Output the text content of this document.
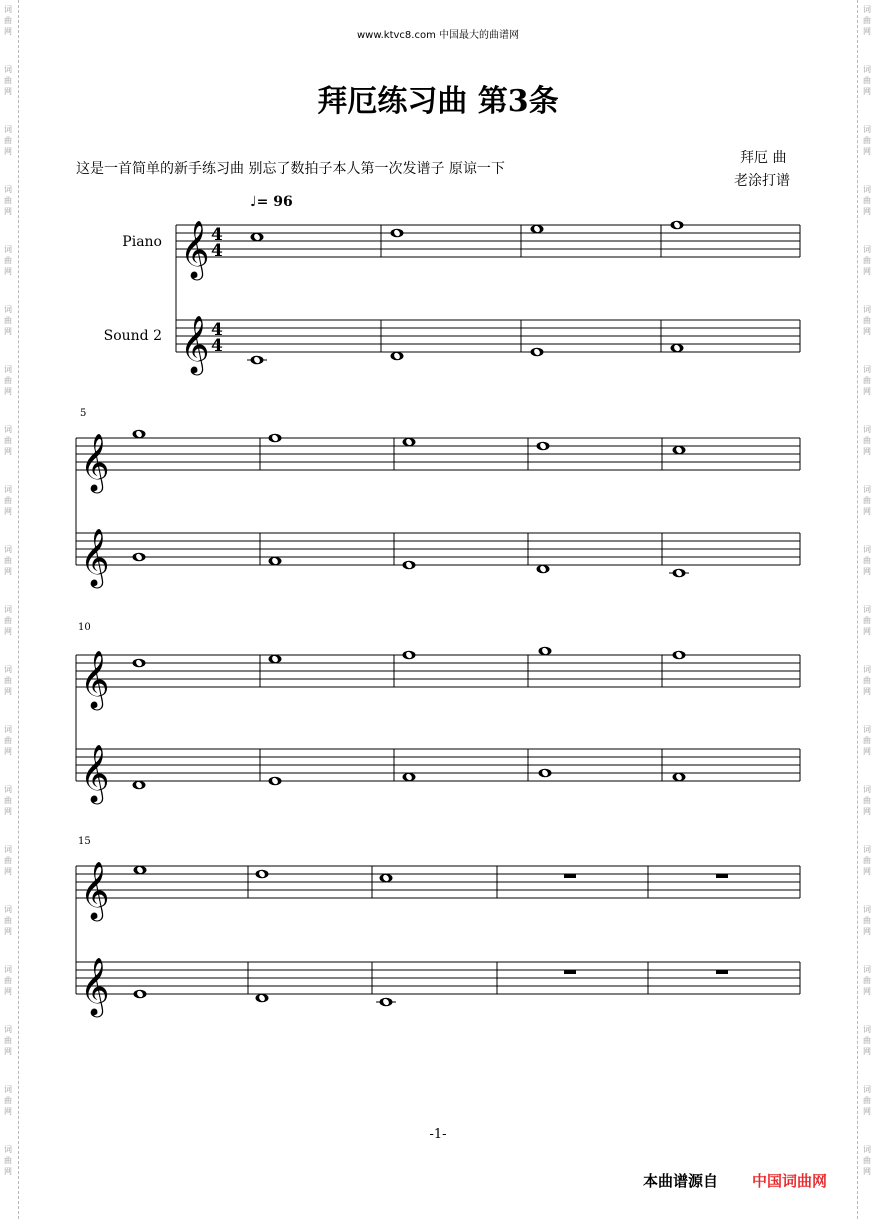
www.ktvc8.com 中国最大的曲谱网
拜厄练习曲 第3条
这是一首简单的新手练习曲 别忘了数拍子本人第一次发谱子 原谅一下
拜厄 曲
老涂打谱
♩= 96
Piano
Sound 2
5
10
15
𝄞
𝄞
4
4
4
4
𝄞
𝄞
𝄞
𝄞
𝄞
𝄞
-1-
本曲谱源自 中国词曲网
词
曲
网
词
曲
网
词
曲
网
词
曲
网
词
曲
网
词
曲
网
词
曲
网
词
曲
网
词
曲
网
词
曲
网
词
曲
网
词
曲
网
词
曲
网
词
曲
网
词
曲
网
词
曲
网
词
曲
网
词
曲
网
词
曲
网
词
曲
网
词
曲
网
词
曲
网
词
曲
网
词
曲
网
词
曲
网
词
曲
网
词
曲
网
词
曲
网
词
曲
网
词
曲
网
词
曲
网
词
曲
网
词
曲
网
词
曲
网
词
曲
网
词
曲
网
词
曲
网
词
曲
网
词
曲
网
词
曲
网
